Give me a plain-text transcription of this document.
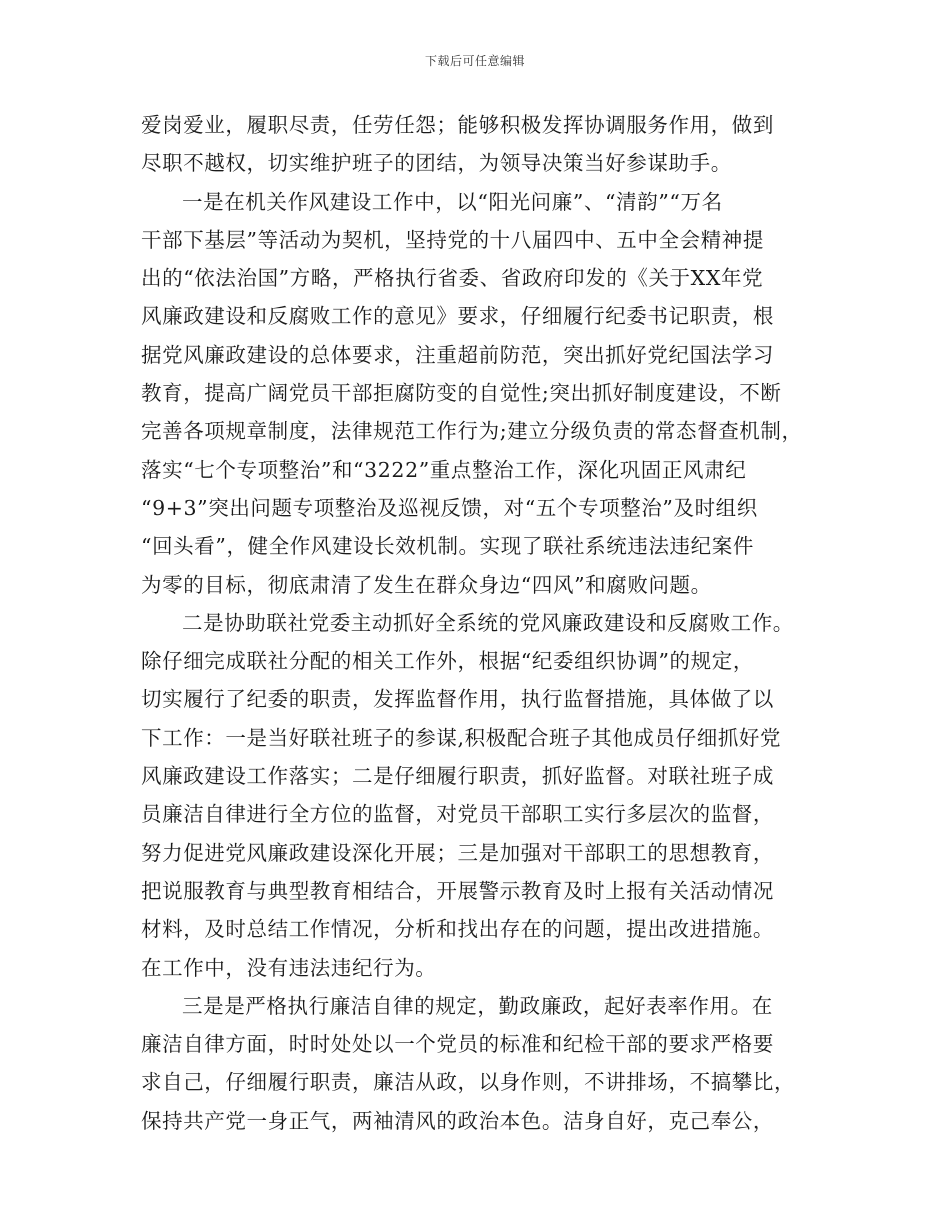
下载后可任意编辑
爱岗爱业，履职尽责，任劳任怨；能够积极发挥协调服务作用，做到
尽职不越权，切实维护班子的团结，为领导决策当好参谋助手。
一是在机关作风建设工作中，以“阳光问廉”、“清韵”“万名
干部下基层”等活动为契机，坚持党的十八届四中、五中全会精神提
出的“依法治国”方略，严格执行省委、省政府印发的《关于XX年党
风廉政建设和反腐败工作的意见》要求，仔细履行纪委书记职责，根
据党风廉政建设的总体要求，注重超前防范，突出抓好党纪国法学习
教育，提高广阔党员干部拒腐防变的自觉性;突出抓好制度建设，不断
完善各项规章制度，法律规范工作行为;建立分级负责的常态督查机制，
落实“七个专项整治”和“3222”重点整治工作，深化巩固正风肃纪
“9+3”突出问题专项整治及巡视反馈，对“五个专项整治”及时组织
“回头看”，健全作风建设长效机制。实现了联社系统违法违纪案件
为零的目标，彻底肃清了发生在群众身边“四风”和腐败问题。
二是协助联社党委主动抓好全系统的党风廉政建设和反腐败工作。
除仔细完成联社分配的相关工作外，根据“纪委组织协调”的规定，
切实履行了纪委的职责，发挥监督作用，执行监督措施，具体做了以
下工作：一是当好联社班子的参谋,积极配合班子其他成员仔细抓好党
风廉政建设工作落实；二是仔细履行职责，抓好监督。对联社班子成
员廉洁自律进行全方位的监督，对党员干部职工实行多层次的监督，
努力促进党风廉政建设深化开展；三是加强对干部职工的思想教育，
把说服教育与典型教育相结合，开展警示教育及时上报有关活动情况
材料，及时总结工作情况，分析和找出存在的问题，提出改进措施。
在工作中，没有违法违纪行为。
三是是严格执行廉洁自律的规定，勤政廉政，起好表率作用。在
廉洁自律方面，时时处处以一个党员的标准和纪检干部的要求严格要
求自己，仔细履行职责，廉洁从政，以身作则，不讲排场，不搞攀比，
保持共产党一身正气，两袖清风的政治本色。洁身自好，克己奉公，
